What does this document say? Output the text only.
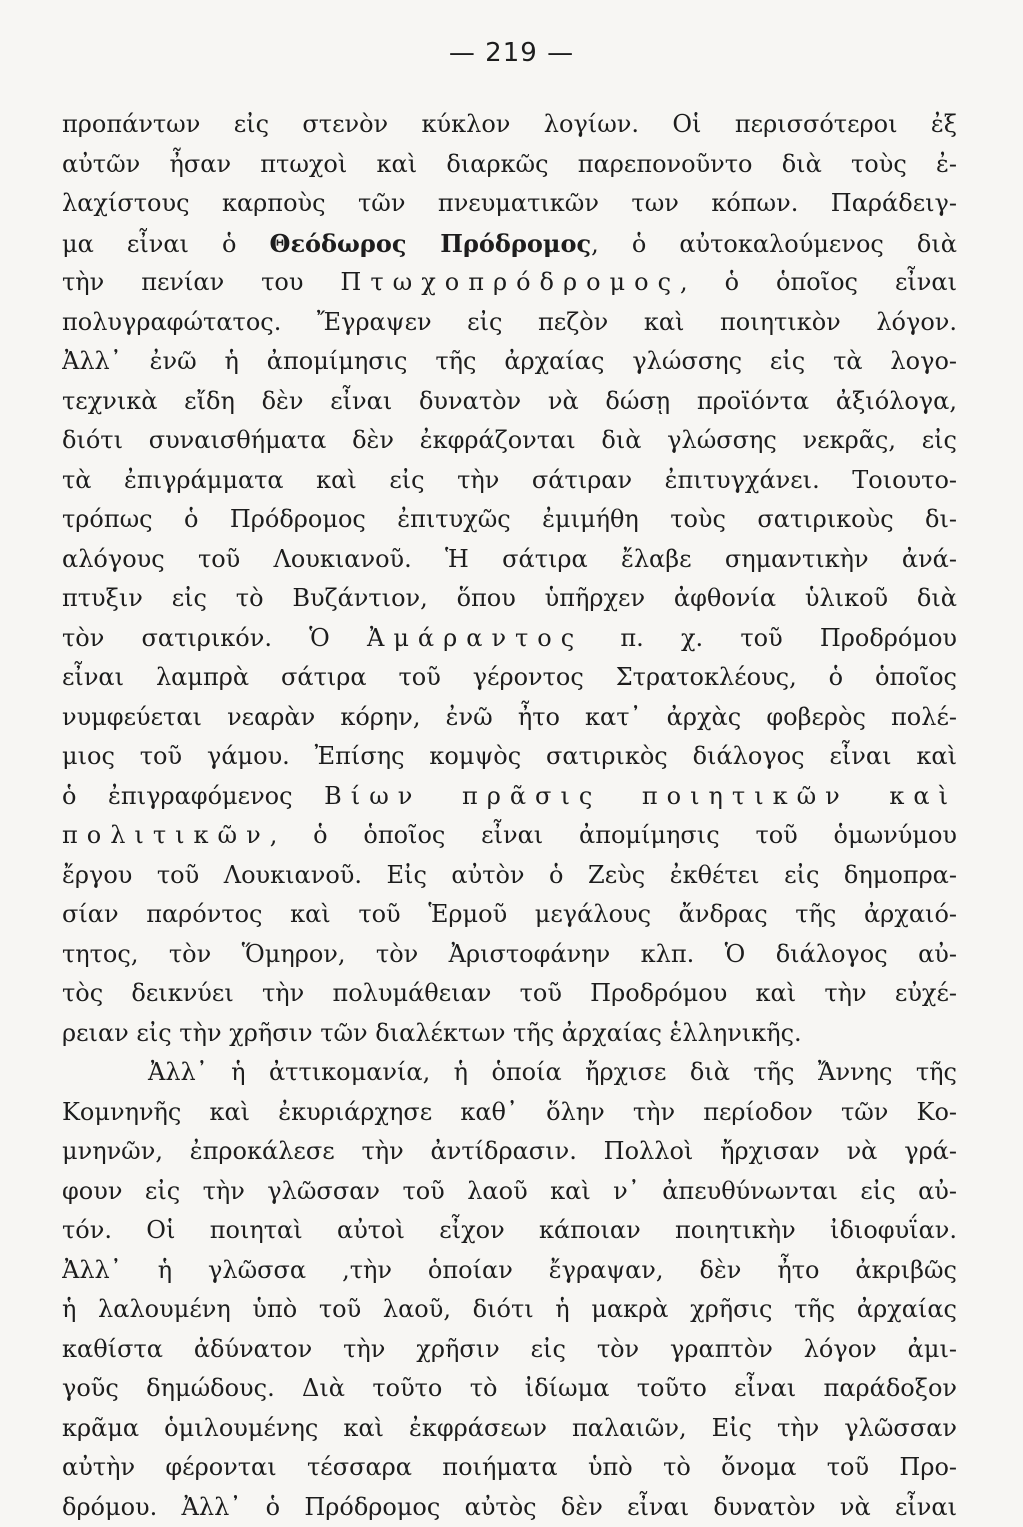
— 219 —
προπάντων εἰς στενὸν κύκλον λογίων. Οἱ περισσότεροι ἐξ
αὐτῶν ἦσαν πτωχοὶ καὶ διαρκῶς παρεπονοῦντο διὰ τοὺς ἐ-
λαχίστους καρποὺς τῶν πνευματικῶν των κόπων. Παράδειγ-
μα εἶναι ὁ Θεόδωρος Πρόδρομος, ὁ αὐτοκαλούμενος διὰ
τὴν πενίαν του Πτωχοπρόδρομος, ὁ ὁποῖος εἶναι
πολυγραφώτατος. Ἔγραψεν εἰς πεζὸν καὶ ποιητικὸν λόγον.
Ἀλλ᾿ ἐνῶ ἡ ἀπομίμησις τῆς ἀρχαίας γλώσσης εἰς τὰ λογο-
τεχνικὰ εἴδη δὲν εἶναι δυνατὸν νὰ δώσῃ προϊόντα ἀξιόλογα,
διότι συναισθήματα δὲν ἐκφράζονται διὰ γλώσσης νεκρᾶς, εἰς
τὰ ἐπιγράμματα καὶ εἰς τὴν σάτιραν ἐπιτυγχάνει. Τοιουτο-
τρόπως ὁ Πρόδρομος ἐπιτυχῶς ἐμιμήθη τοὺς σατιρικοὺς δι-
αλόγους τοῦ Λουκιανοῦ. Ἡ σάτιρα ἔλαβε σημαντικὴν ἀνά-
πτυξιν εἰς τὸ Βυζάντιον, ὅπου ὑπῆρχεν ἀφθονία ὑλικοῦ διὰ
τὸν σατιρικόν. Ὁ Ἀμάραντος π. χ. τοῦ Προδρόμου
εἶναι λαμπρὰ σάτιρα τοῦ γέροντος Στρατοκλέους, ὁ ὁποῖος
νυμφεύεται νεαρὰν κόρην, ἐνῶ ἦτο κατ᾿ ἀρχὰς φοβερὸς πολέ-
μιος τοῦ γάμου. Ἐπίσης κομψὸς σατιρικὸς διάλογος εἶναι καὶ
ὁ ἐπιγραφόμενος Βίων πρᾶσις ποιητικῶν καὶ
πολιτικῶν, ὁ ὁποῖος εἶναι ἀπομίμησις τοῦ ὁμωνύμου
ἔργου τοῦ Λουκιανοῦ. Εἰς αὐτὸν ὁ Ζεὺς ἐκθέτει εἰς δημοπρα-
σίαν παρόντος καὶ τοῦ Ἑρμοῦ μεγάλους ἄνδρας τῆς ἀρχαιό-
τητος, τὸν Ὅμηρον, τὸν Ἀριστοφάνην κλπ. Ὁ διάλογος αὐ-
τὸς δεικνύει τὴν πολυμάθειαν τοῦ Προδρόμου καὶ τὴν εὐχέ-
ρειαν εἰς τὴν χρῆσιν τῶν διαλέκτων τῆς ἀρχαίας ἑλληνικῆς.
Ἀλλ᾿ ἡ ἀττικομανία, ἡ ὁποία ἤρχισε διὰ τῆς Ἄννης τῆς
Κομνηνῆς καὶ ἐκυριάρχησε καθ᾿ ὅλην τὴν περίοδον τῶν Κο-
μνηνῶν, ἐπροκάλεσε τὴν ἀντίδρασιν. Πολλοὶ ἤρχισαν νὰ γρά-
φουν εἰς τὴν γλῶσσαν τοῦ λαοῦ καὶ ν᾿ ἀπευθύνωνται εἰς αὐ-
τόν. Οἱ ποιηταὶ αὐτοὶ εἶχον κάποιαν ποιητικὴν ἰδιοφυΐαν.
Ἀλλ᾿ ἡ γλῶσσα ,τὴν ὁποίαν ἔγραψαν, δὲν ἦτο ἀκριβῶς
ἡ λαλουμένη ὑπὸ τοῦ λαοῦ, διότι ἡ μακρὰ χρῆσις τῆς ἀρχαίας
καθίστα ἀδύνατον τὴν χρῆσιν εἰς τὸν γραπτὸν λόγον ἀμι-
γοῦς δημώδους. Διὰ τοῦτο τὸ ἰδίωμα τοῦτο εἶναι παράδοξον
κρᾶμα ὁμιλουμένης καὶ ἐκφράσεων παλαιῶν, Εἰς τὴν γλῶσσαν
αὐτὴν φέρονται τέσσαρα ποιήματα ὑπὸ τὸ ὄνομα τοῦ Προ-
δρόμου. Ἀλλ᾿ ὁ Πρόδρομος αὐτὸς δὲν εἶναι δυνατὸν νὰ εἶναι
